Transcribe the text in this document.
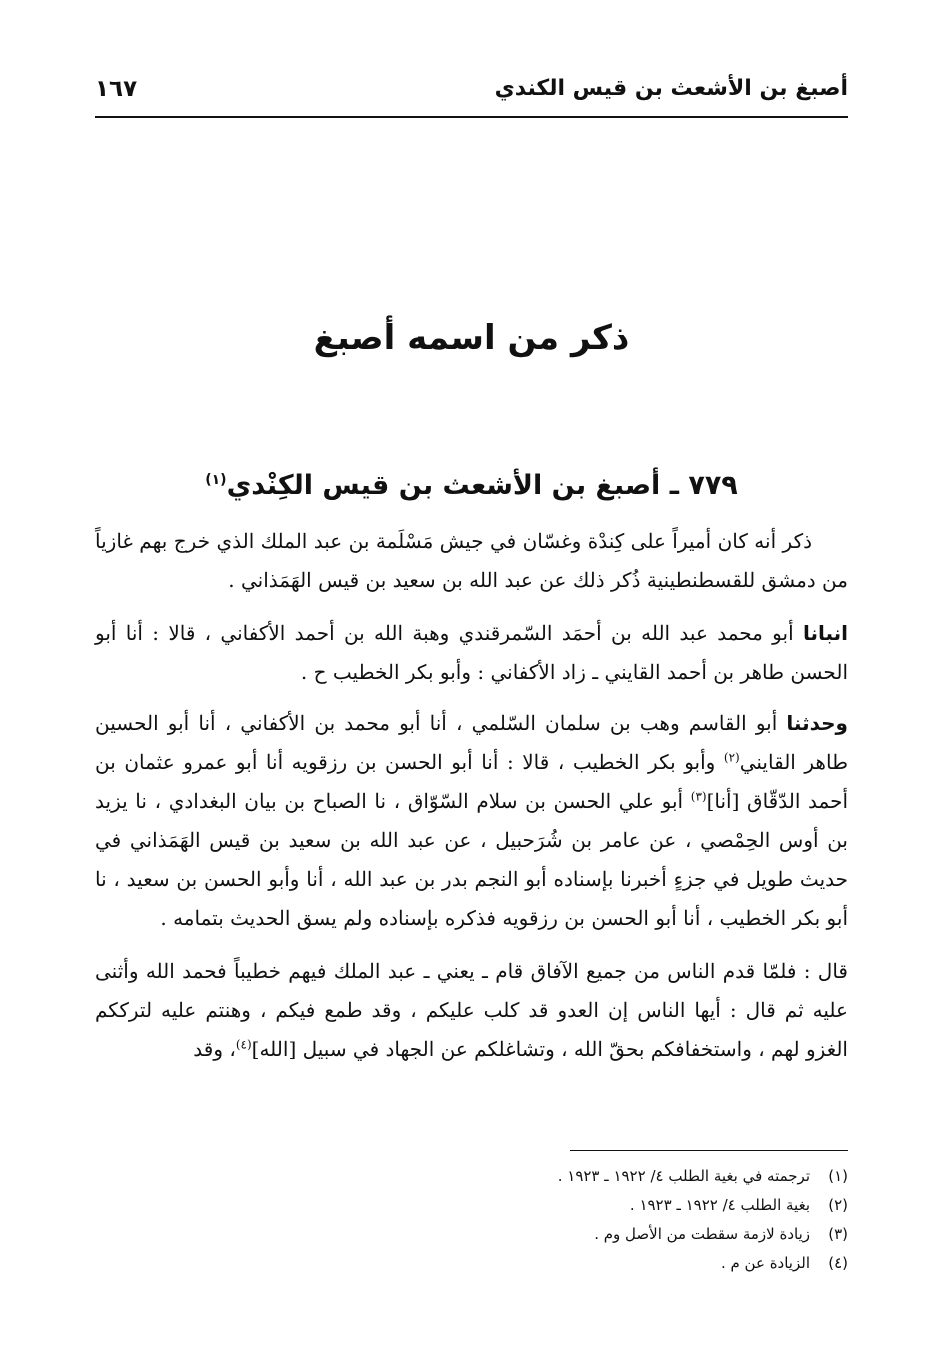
أصبغ بن الأشعث بن قيس الكندي
١٦٧
ذكر من اسمه أصبغ
٧٧٩ ـ أصبغ بن الأشعث بن قيس الكِنْدي$^{(١)}$

ذكر أنه كان أميراً على كِندْة وغسّان في جيش مَسْلَمة بن عبد الملك الذي خرج بهم غازياً من دمشق للقسطنطينية ذُكر ذلك عن عبد الله بن سعيد بن قيس الهَمَذاني .

انبانا أبو محمد عبد الله بن أحمَد السّمرقندي وهبة الله بن أحمد الأكفاني ، قالا : أنا أبو الحسن طاهر بن أحمد القايني ـ زاد الأكفاني : وأبو بكر الخطيب ح .

وحدثنا أبو القاسم وهب بن سلمان السّلمي ، أنا أبو محمد بن الأكفاني ، أنا أبو الحسين طاهر القايني$^{(٢)}$ وأبو بكر الخطيب ، قالا : أنا أبو الحسن بن رزقويه أنا أبو عمرو عثمان بن أحمد الدّقّاق [أنا]$^{(٣)}$ أبو علي الحسن بن سلام السّوّاق ، نا الصباح بن بيان البغدادي ، نا يزيد بن أوس الحِمْصي ، عن عامر بن شُرَحبيل ، عن عبد الله بن سعيد بن قيس الهَمَذاني في حديث طويل في جزءٍ أخبرنا بإسناده أبو النجم بدر بن عبد الله ، أنا وأبو الحسن بن سعيد ، نا أبو بكر الخطيب ، أنا أبو الحسن بن رزقويه فذكره بإسناده ولم يسق الحديث بتمامه .

قال : فلمّا قدم الناس من جميع الآفاق قام ـ يعني ـ عبد الملك فيهم خطيباً فحمد الله وأثنى عليه ثم قال : أيها الناس إن العدو قد كلب عليكم ، وقد طمع فيكم ، وهنتم عليه لترككم الغزو لهم ، واستخفافكم بحقّ الله ، وتشاغلكم عن الجهاد في سبيل [الله]$^{(٤)}$، وقد

(١)ترجمته في بغية الطلب ٤/ ١٩٢٢ ـ ١٩٢٣ .
(٢)بغية الطلب ٤/ ١٩٢٢ ـ ١٩٢٣ .
(٣)زيادة لازمة سقطت من الأصل وم .
(٤)الزيادة عن م .
